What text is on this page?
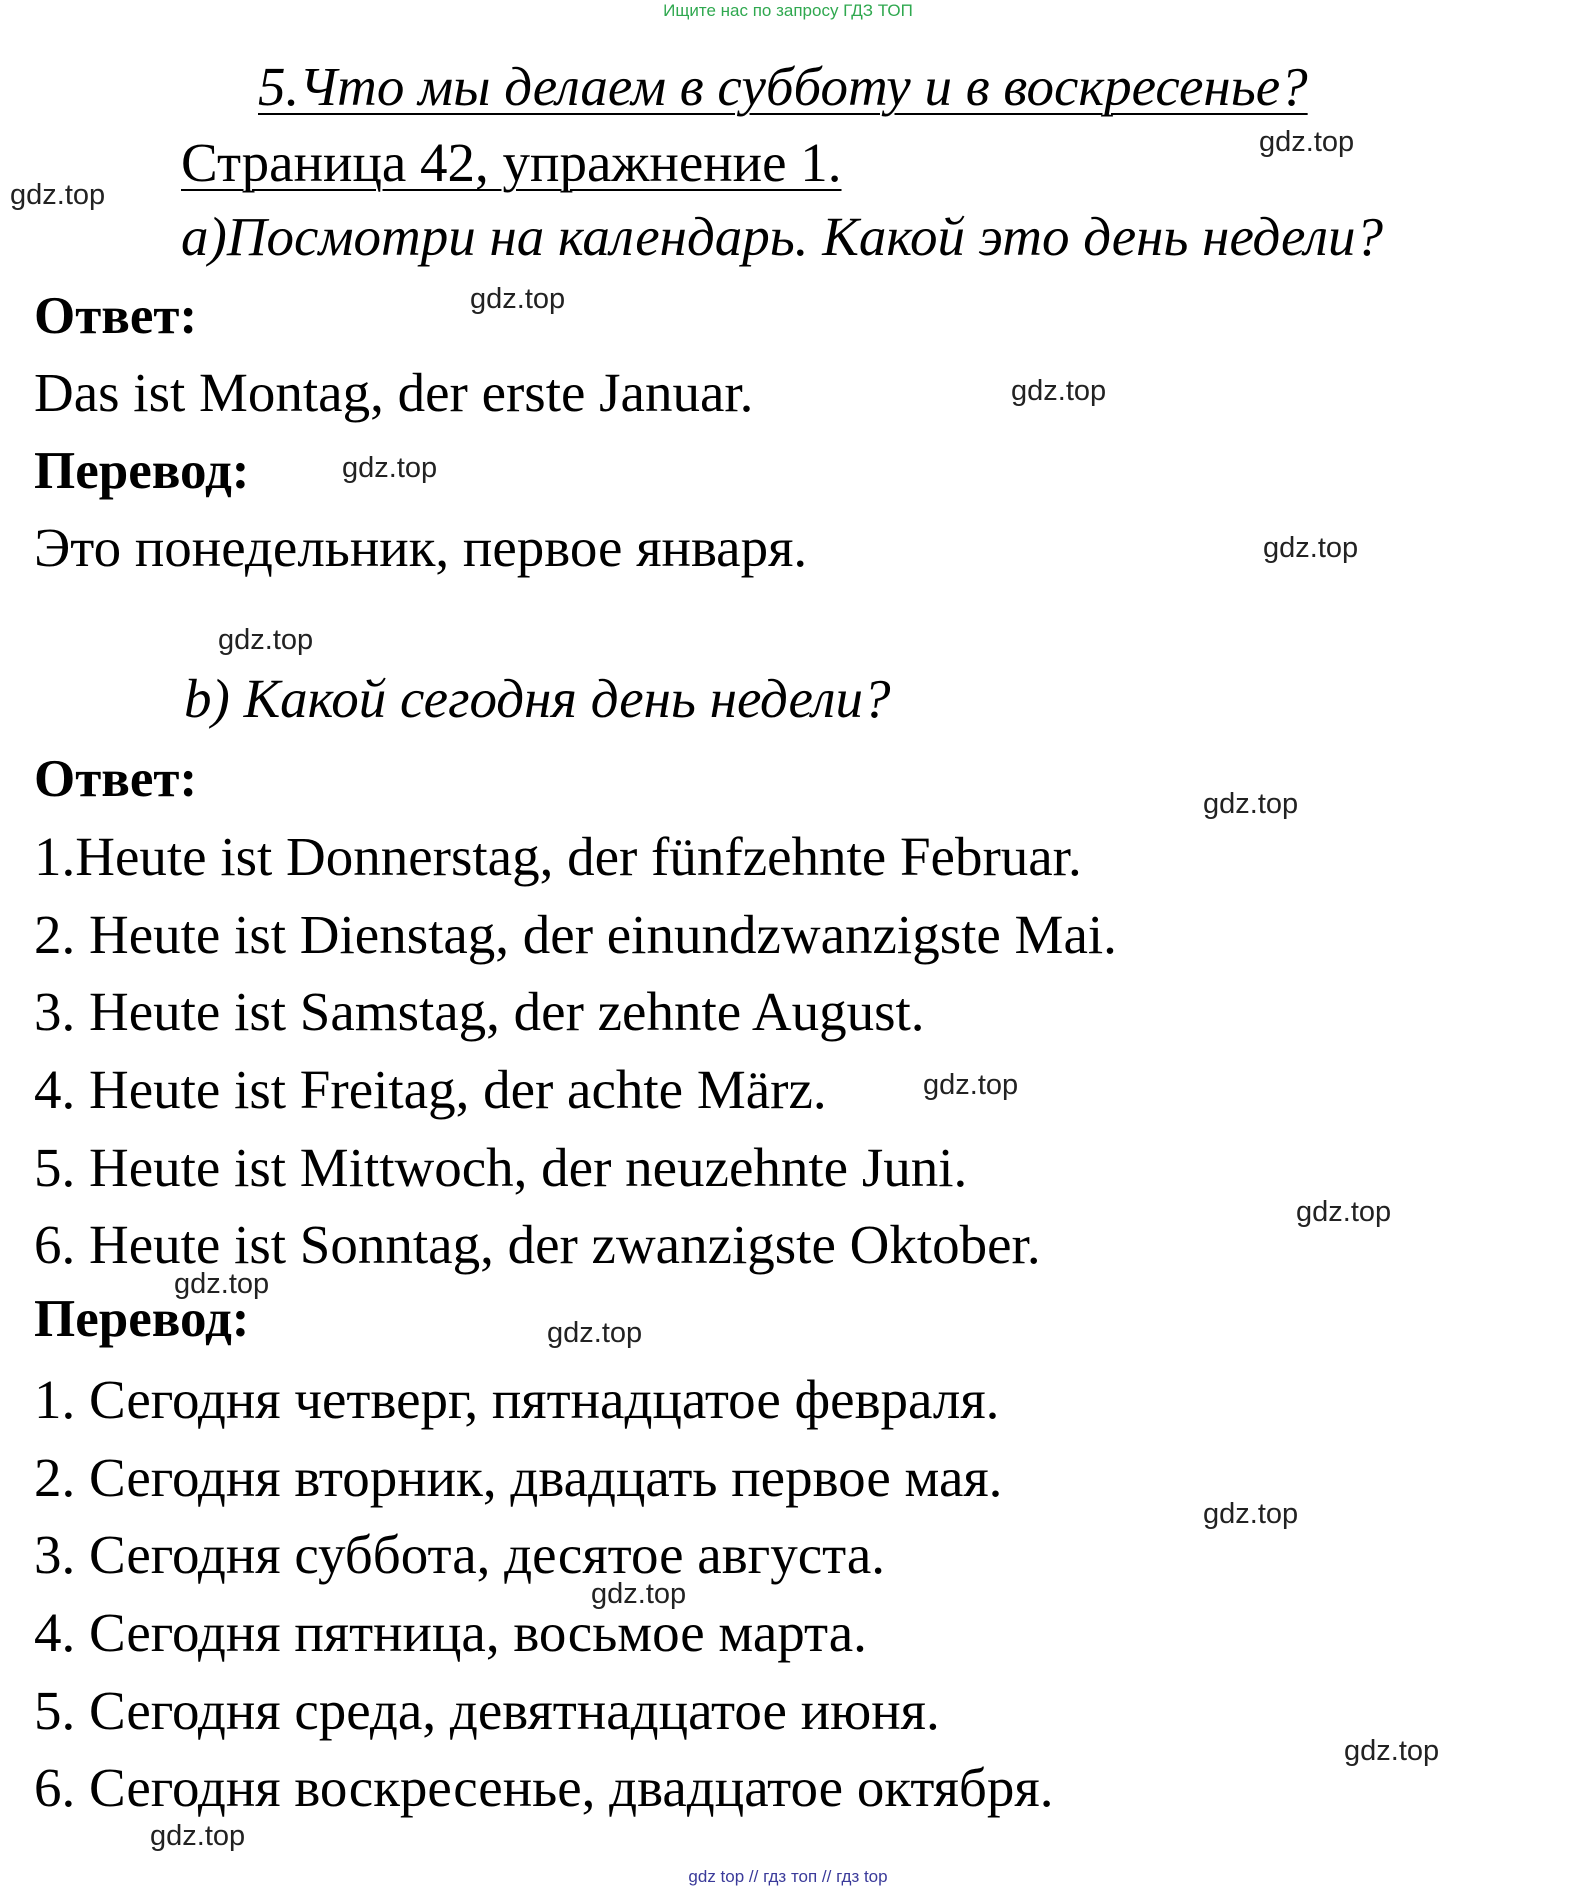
Ищите нас по запросу ГДЗ ТОП
5.Что мы делаем в субботу и в воскресенье?
Страница 42, упражнение 1.
а)Посмотри на календарь. Какой это день недели?
Ответ:
Das ist Montag, der erste Januar.
Перевод:
Это понедельник, первое января.
b) Какой сегодня день недели?
Ответ:
1.Heute ist Donnerstag, der fünfzehnte Februar.
2. Heute ist Dienstag, der einundzwanzigste Mai.
3. Heute ist Samstag, der zehnte August.
4. Heute ist Freitag, der achte März.
5. Heute ist Mittwoch, der neuzehnte Juni.
6. Heute ist Sonntag, der zwanzigste Oktober.
Перевод:
1. Сегодня четверг, пятнадцатое февраля.
2. Сегодня вторник, двадцать первое мая.
3. Сегодня суббота, десятое августа.
4. Сегодня пятница, восьмое марта.
5. Сегодня среда, девятнадцатое июня.
6. Сегодня воскресенье, двадцатое октября.
gdz.top
gdz.top
gdz.top
gdz.top
gdz.top
gdz.top
gdz.top
gdz.top
gdz.top
gdz.top
gdz.top
gdz.top
gdz.top
gdz.top
gdz.top
gdz.top
gdz top // гдз топ // гдз top
